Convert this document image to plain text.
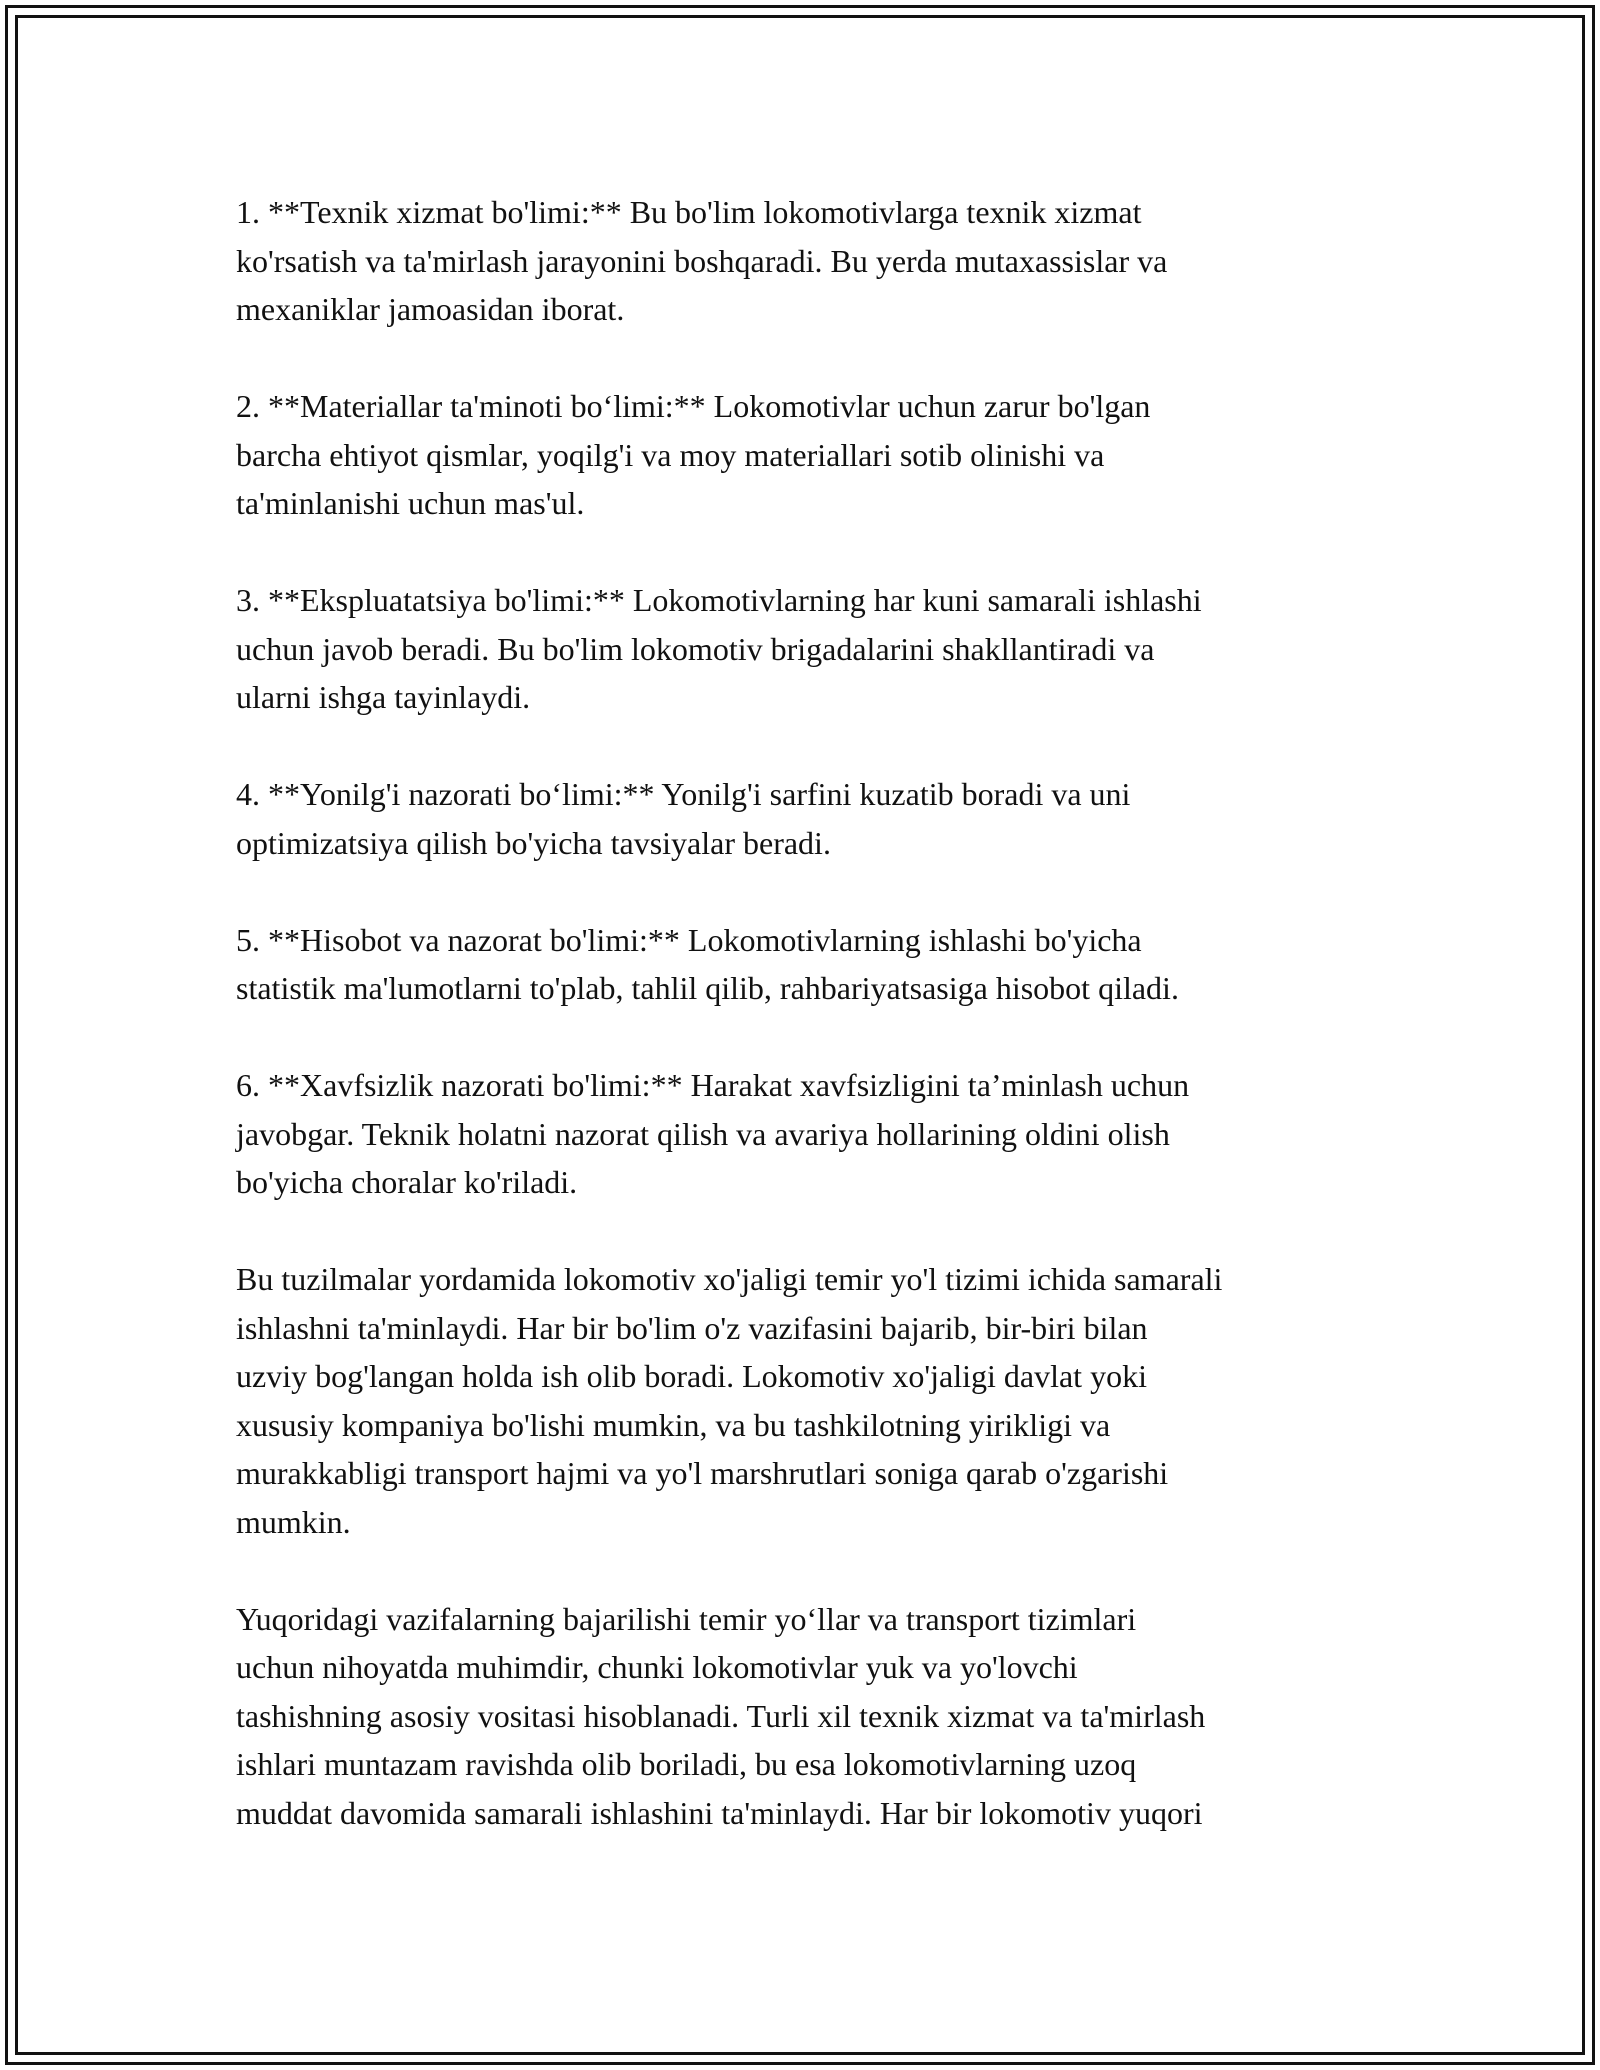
1. **Texnik xizmat bo'limi:** Bu bo'lim lokomotivlarga texnik xizmat
ko'rsatish va ta'mirlash jarayonini boshqaradi. Bu yerda mutaxassislar va
mexaniklar jamoasidan iborat.

2. **Materiallar ta'minoti bo‘limi:** Lokomotivlar uchun zarur bo'lgan
barcha ehtiyot qismlar, yoqilg'i va moy materiallari sotib olinishi va
ta'minlanishi uchun mas'ul.

3. **Ekspluatatsiya bo'limi:** Lokomotivlarning har kuni samarali ishlashi
uchun javob beradi. Bu bo'lim lokomotiv brigadalarini shakllantiradi va
ularni ishga tayinlaydi.

4. **Yonilg'i nazorati bo‘limi:** Yonilg'i sarfini kuzatib boradi va uni
optimizatsiya qilish bo'yicha tavsiyalar beradi.

5. **Hisobot va nazorat bo'limi:** Lokomotivlarning ishlashi bo'yicha
statistik ma'lumotlarni to'plab, tahlil qilib, rahbariyatsasiga hisobot qiladi.

6. **Xavfsizlik nazorati bo'limi:** Harakat xavfsizligini ta’minlash uchun
javobgar. Teknik holatni nazorat qilish va avariya hollarining oldini olish
bo'yicha choralar ko'riladi.

Bu tuzilmalar yordamida lokomotiv xo'jaligi temir yo'l tizimi ichida samarali
ishlashni ta'minlaydi. Har bir bo'lim o'z vazifasini bajarib, bir-biri bilan
uzviy bog'langan holda ish olib boradi. Lokomotiv xo'jaligi davlat yoki
xususiy kompaniya bo'lishi mumkin, va bu tashkilotning yirikligi va
murakkabligi transport hajmi va yo'l marshrutlari soniga qarab o'zgarishi
mumkin.

Yuqoridagi vazifalarning bajarilishi temir yo‘llar va transport tizimlari
uchun nihoyatda muhimdir, chunki lokomotivlar yuk va yo'lovchi
tashishning asosiy vositasi hisoblanadi. Turli xil texnik xizmat va ta'mirlash
ishlari muntazam ravishda olib boriladi, bu esa lokomotivlarning uzoq
muddat davomida samarali ishlashini ta'minlaydi. Har bir lokomotiv yuqori
